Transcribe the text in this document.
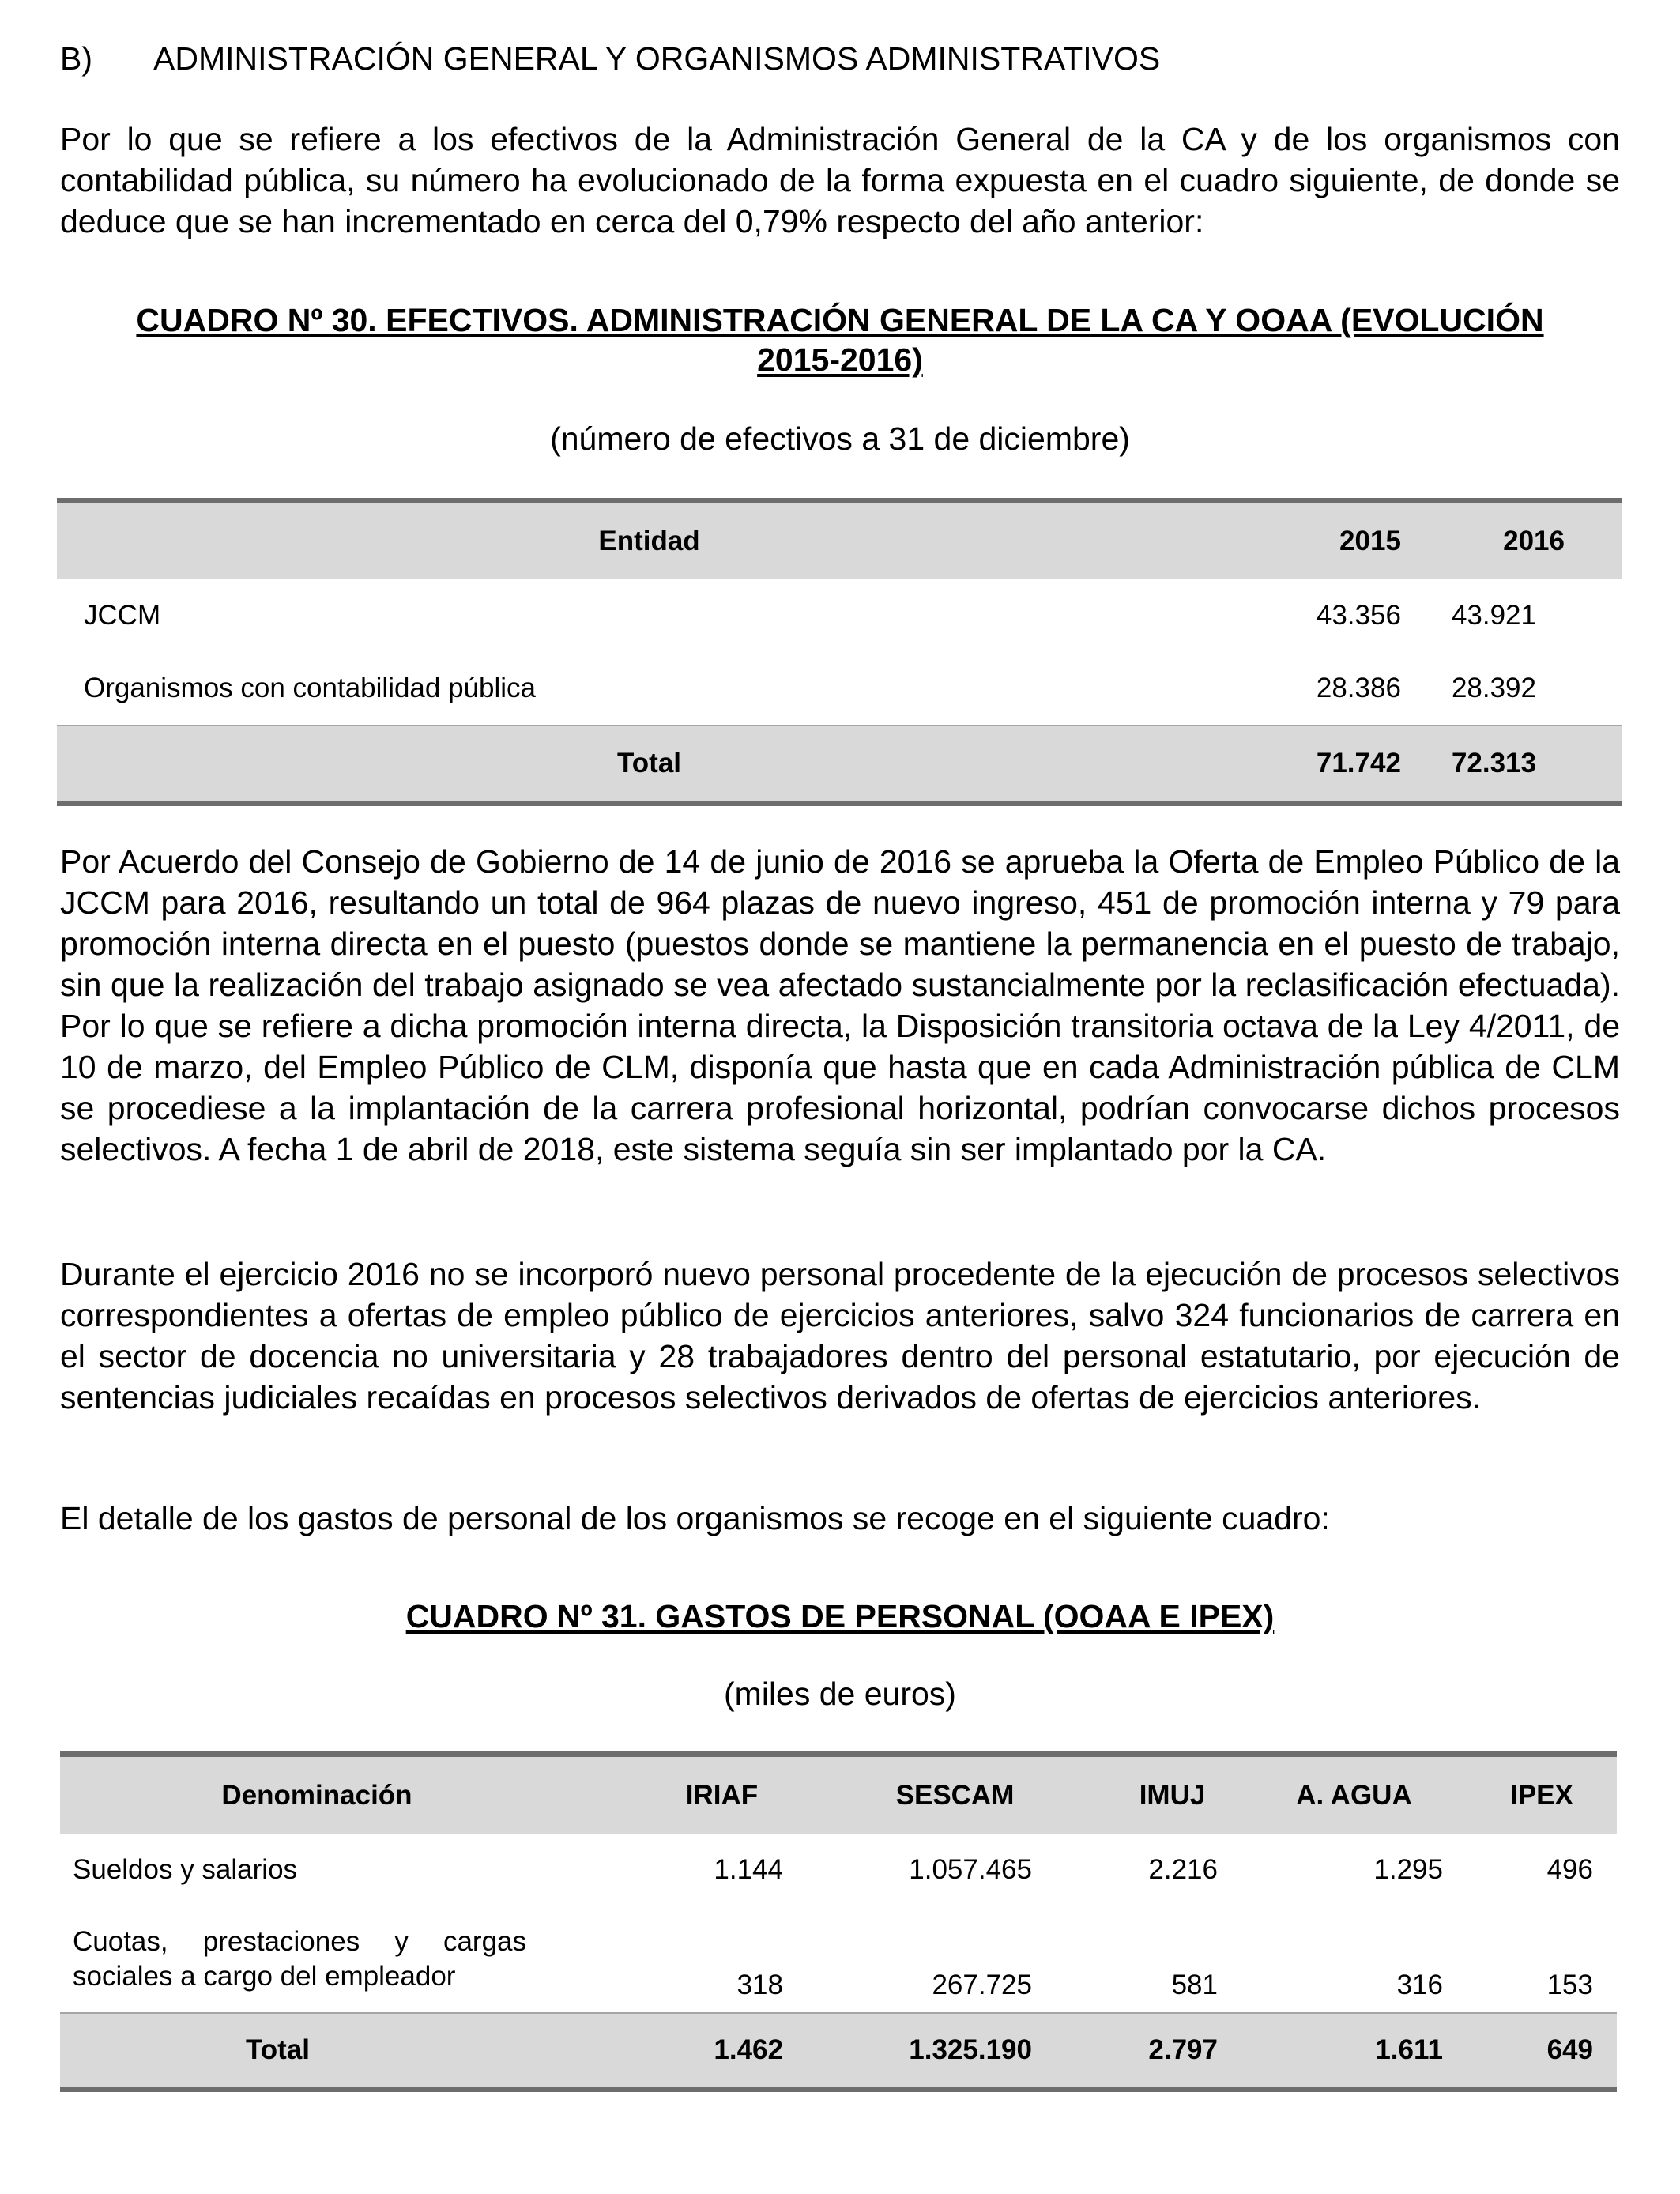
B) ADMINISTRACIÓN GENERAL Y ORGANISMOS ADMINISTRATIVOS

Por lo que se refiere a los efectivos de la Administración General de la CA y de los organismos con contabilidad pública, su número ha evolucionado de la forma expuesta en el cuadro siguiente, de donde se deduce que se han incrementado en cerca del 0,79% respecto del año anterior:

CUADRO Nº 30. EFECTIVOS. ADMINISTRACIÓN GENERAL DE LA CA Y OOAA (EVOLUCIÓN
2015-2016)
(número de efectivos a 31 de diciembre)
Entidad	2015	2016
JCCM	43.356	43.921
Organismos con contabilidad pública	28.386	28.392
Total	71.742	72.313

Por Acuerdo del Consejo de Gobierno de 14 de junio de 2016 se aprueba la Oferta de Empleo Público de la JCCM para 2016, resultando un total de 964 plazas de nuevo ingreso, 451 de promoción interna y 79 para promoción interna directa en el puesto (puestos donde se mantiene la permanencia en el puesto de trabajo, sin que la realización del trabajo asignado se vea afectado sustancialmente por la reclasificación efectuada). Por lo que se refiere a dicha promoción interna directa, la Disposición transitoria octava de la Ley 4/2011, de 10 de marzo, del Empleo Público de CLM, disponía que hasta que en cada Administración pública de CLM se procediese a la implantación de la carrera profesional horizontal, podrían convocarse dichos procesos selectivos. A fecha 1 de abril de 2018, este sistema seguía sin ser implantado por la CA.

Durante el ejercicio 2016 no se incorporó nuevo personal procedente de la ejecución de procesos selectivos correspondientes a ofertas de empleo público de ejercicios anteriores, salvo 324 funcionarios de carrera en el sector de docencia no universitaria y 28 trabajadores dentro del personal estatutario, por ejecución de sentencias judiciales recaídas en procesos selectivos derivados de ofertas de ejercicios anteriores.

El detalle de los gastos de personal de los organismos se recoge en el siguiente cuadro:

CUADRO Nº 31. GASTOS DE PERSONAL (OOAA E IPEX)
(miles de euros)
Denominación	IRIAF	SESCAM	IMUJ	A. AGUA	IPEX
Sueldos y salarios	1.144	1.057.465	2.216	1.295	496

Cuotas, prestaciones y cargas
sociales a cargo del empleador	318	267.725	581	316	153
Total	1.462	1.325.190	2.797	1.611	649
